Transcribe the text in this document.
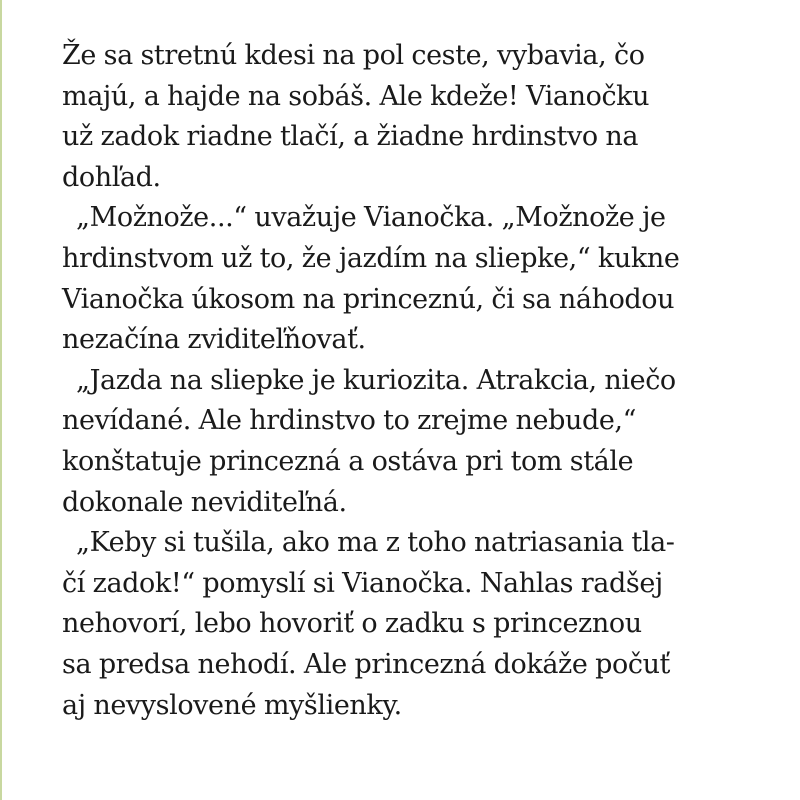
Že sa stretnú kdesi na pol ceste, vybavia, čo
majú, a hajde na sobáš. Ale kdeže! Vianočku
už zadok riadne tlačí, a žiadne hrdinstvo na
dohľad.
„Možnože...“ uvažuje Vianočka. „Možnože je
hrdinstvom už to, že jazdím na sliepke,“ kukne
Vianočka úkosom na princeznú, či sa náhodou
nezačína zviditeľňovať.
„Jazda na sliepke je kuriozita. Atrakcia, niečo
nevídané. Ale hrdinstvo to zrejme nebude,“
konštatuje princezná a ostáva pri tom stále
dokonale neviditeľná.
„Keby si tušila, ako ma z toho natriasania tla-
čí zadok!“ pomyslí si Vianočka. Nahlas radšej
nehovorí, lebo hovoriť o zadku s princeznou
sa predsa nehodí. Ale princezná dokáže počuť
aj nevyslovené myšlienky.
